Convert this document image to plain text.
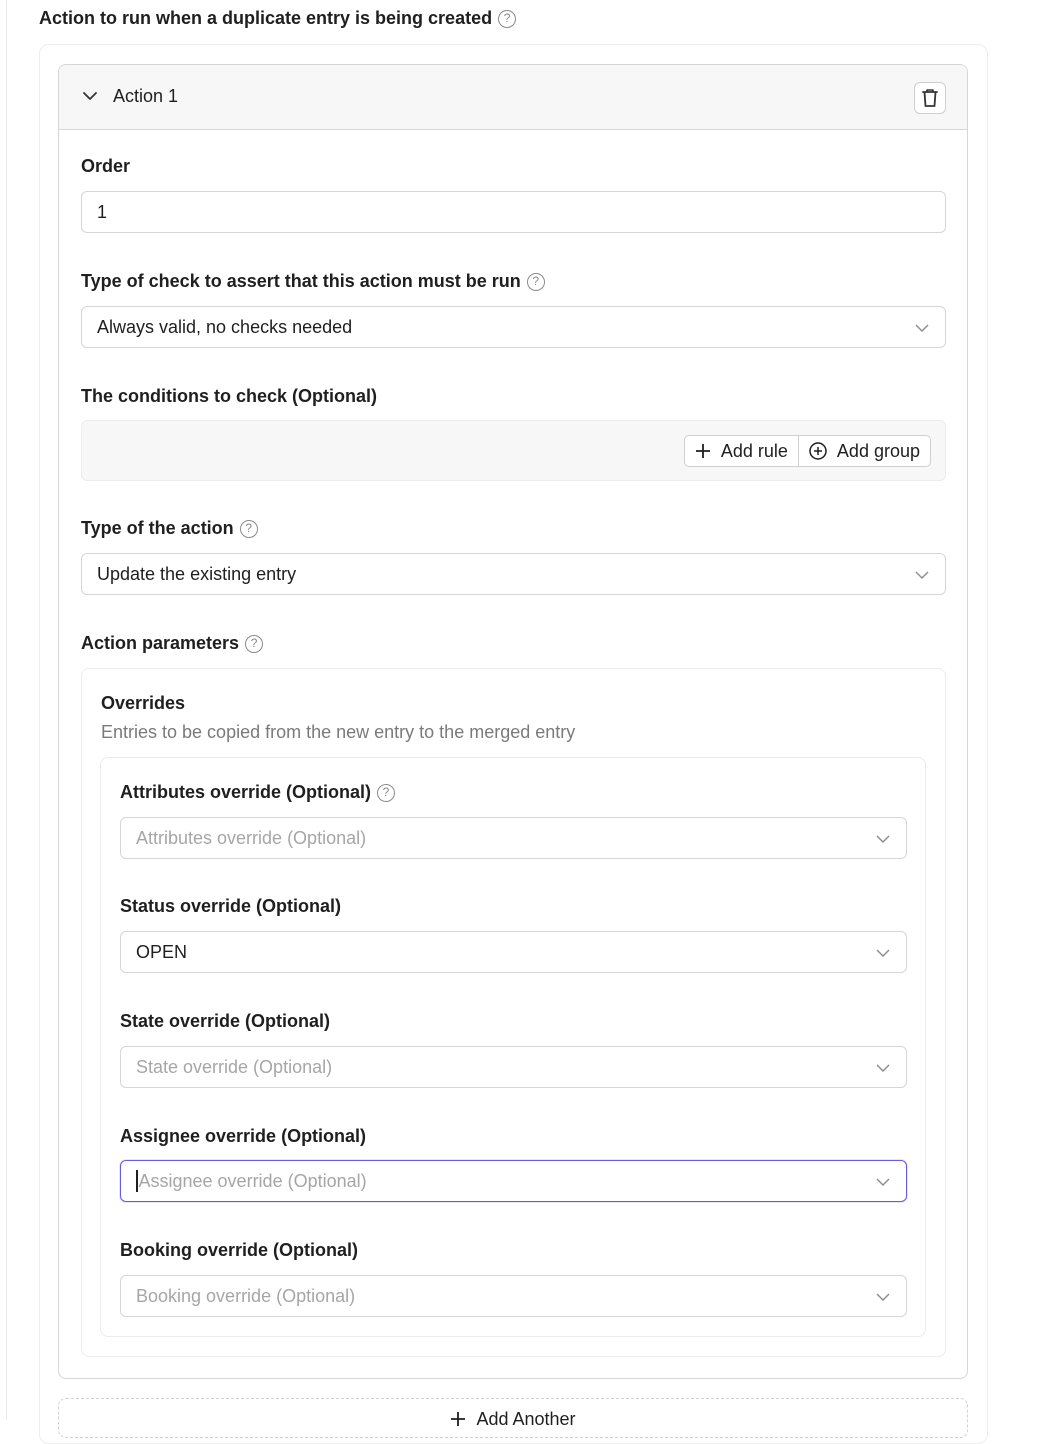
Action to run when a duplicate entry is being created ?
Action 1
Order
1
Type of check to assert that this action must be run ?
Always valid, no checks needed
The conditions to check (Optional)
Add rule	Add group
Type of the action ?
Update the existing entry
Action parameters ?
Overrides
Entries to be copied from the new entry to the merged entry
Attributes override (Optional) ?
Attributes override (Optional)
Status override (Optional)
OPEN
State override (Optional)
State override (Optional)
Assignee override (Optional)
Assignee override (Optional)
Booking override (Optional)
Booking override (Optional)
Add Another
